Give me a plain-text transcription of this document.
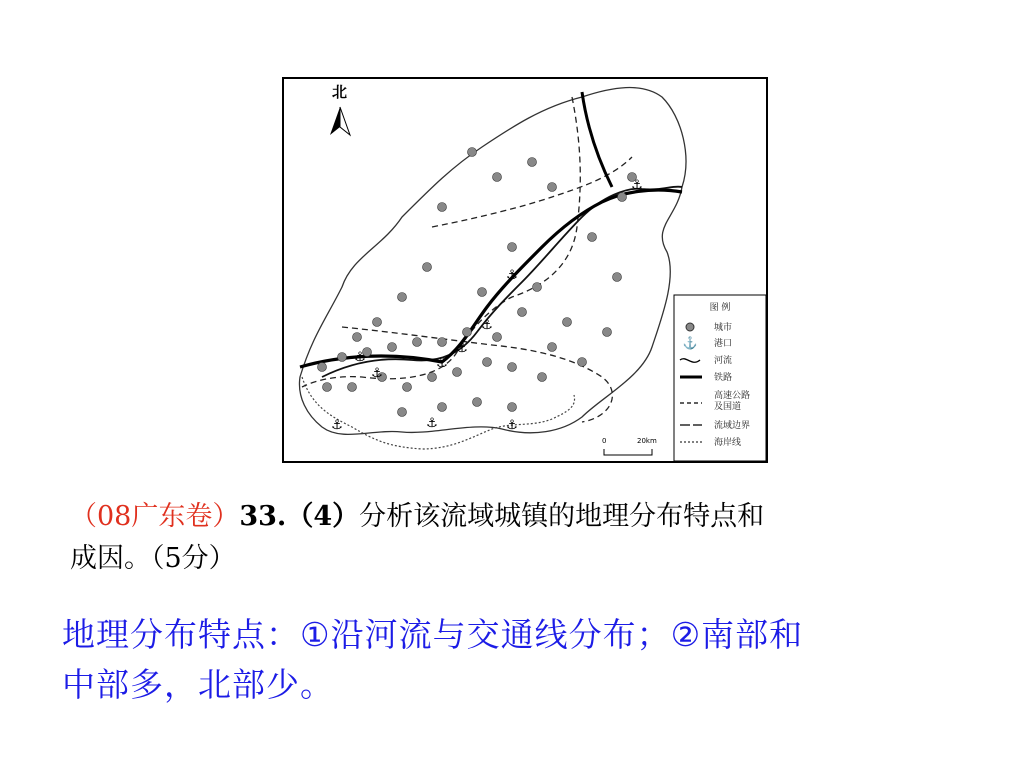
⚓
⚓
⚓
⚓
⚓
⚓
⚓
⚓	⚓	⚓
北
图 例
城市
⚓ 港口
河流
铁路
高速公路
及国道
流域边界
海岸线
0	20km
（08广东卷）33.（4）分析该流域城镇的地理分布特点和
成因。（5分）
地理分布特点：①沿河流与交通线分布；②南部和
中部多，北部少。
